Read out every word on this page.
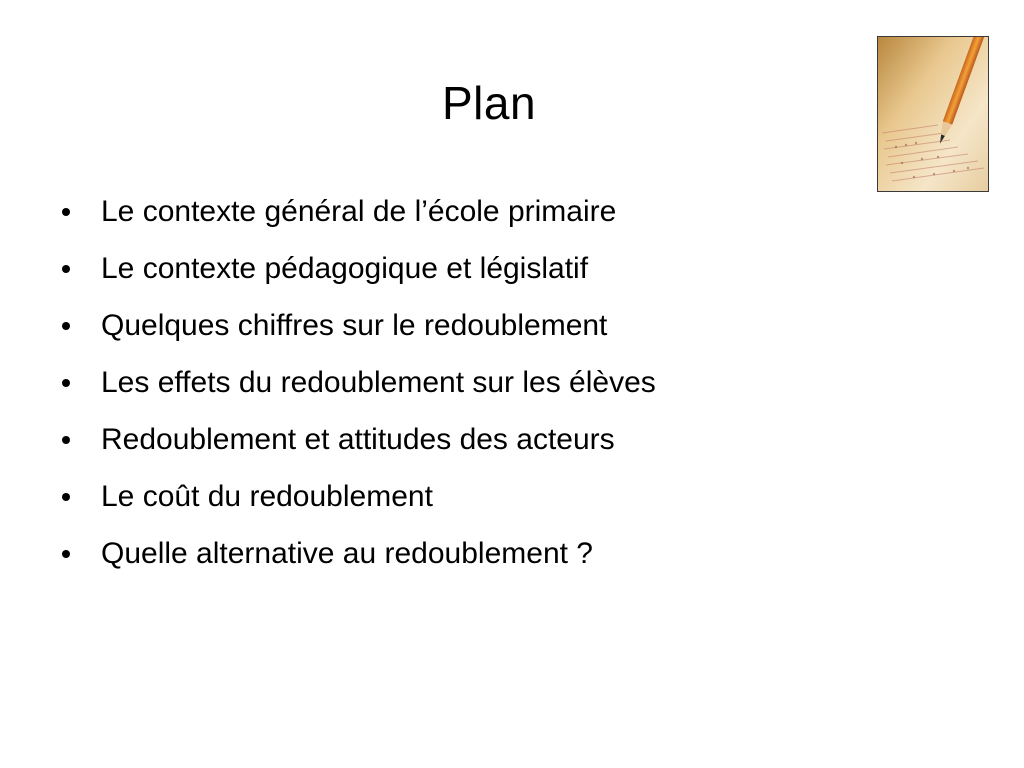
Plan
Le contexte général de l’école primaire
Le contexte pédagogique et législatif
Quelques chiffres sur le redoublement
Les effets du redoublement sur les élèves
Redoublement et attitudes des acteurs
Le coût du redoublement
Quelle alternative au redoublement ?
